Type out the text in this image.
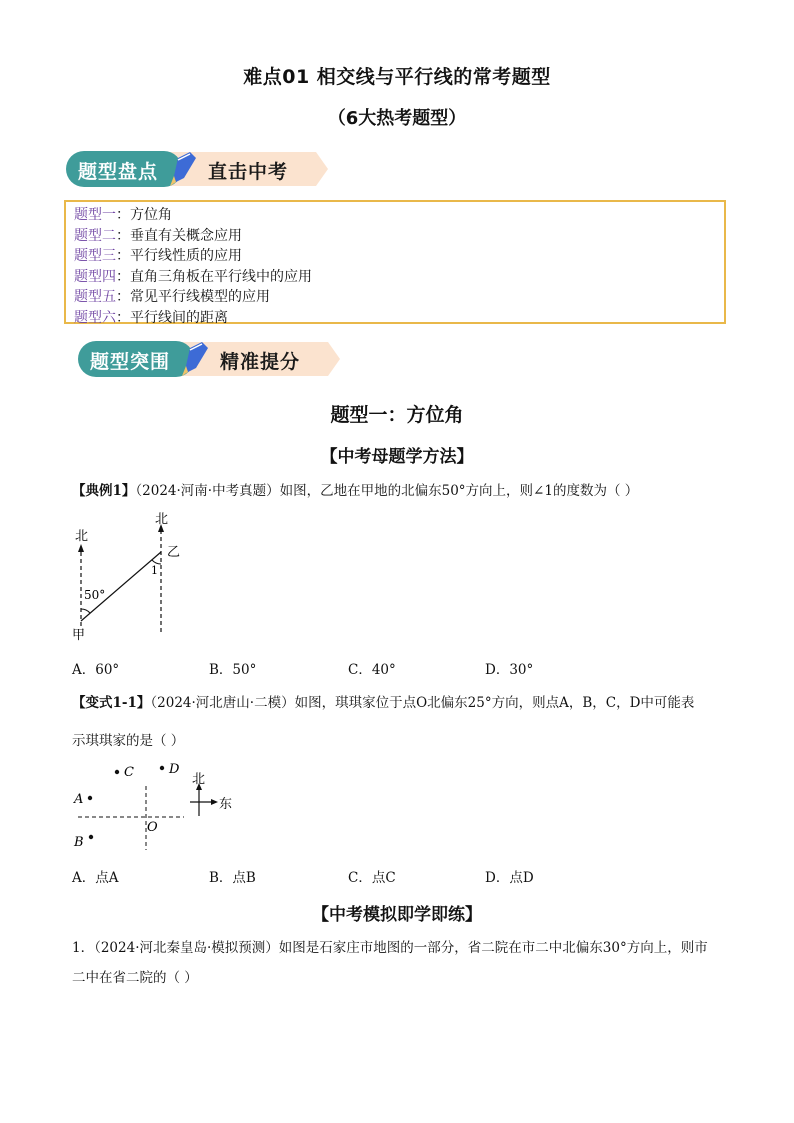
难点01 相交线与平行线的常考题型
（6大热考题型）
题型盘点	直击中考
题型一：方位角
题型二：垂直有关概念应用
题型三：平行线性质的应用
题型四：直角三角板在平行线中的应用
题型五：常见平行线模型的应用
题型六：平行线间的距离
题型突围	精准提分
题型一：方位角
【中考母题学方法】
【典例1】（2024·河南·中考真题）如图，乙地在甲地的北偏东50°方向上，则∠1的度数为（ ）
北
北
50°
乙
1
甲
A．60°	B．50°	C．40°	D．30°
【变式1-1】（2024·河北唐山·二模）如图，琪琪家位于点O北偏东25°方向，则点A，B，C，D中可能表
示琪琪家的是（ ）
C	D
A
B
O
北
东
A．点A	B．点B	C．点C	D．点D
【中考模拟即学即练】
1．（2024·河北秦皇岛·模拟预测）如图是石家庄市地图的一部分，省二院在市二中北偏东30°方向上，则市
二中在省二院的（ ）
